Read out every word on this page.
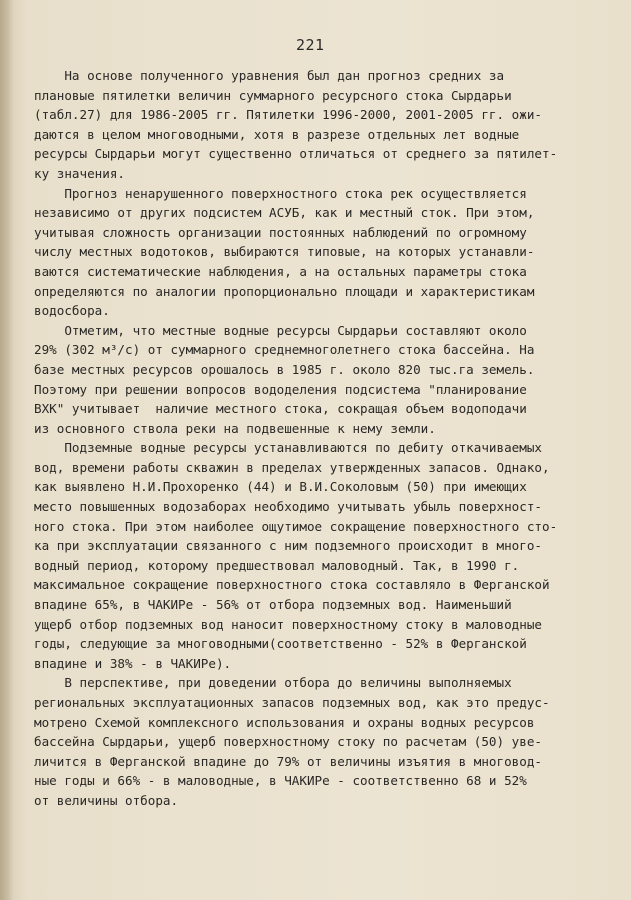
221
На основе полученного уравнения был дан прогноз средних за
плановые пятилетки величин суммарного ресурсного стока Сырдарьи
(табл.27) для 1986-2005 гг. Пятилетки 1996-2000, 2001-2005 гг. ожи-
даются в целом многоводными, хотя в разрезе отдельных лет водные
ресурсы Сырдарьи могут существенно отличаться от среднего за пятилет-
ку значения.
Прогноз ненарушенного поверхностного стока рек осуществляется
независимо от других подсистем АСУБ, как и местный сток. При этом,
учитывая сложность организации постоянных наблюдений по огромному
числу местных водотоков, выбираются типовые, на которых устанавли-
ваются систематические наблюдения, а на остальных параметры стока
определяются по аналогии пропорционально площади и характеристикам
водосбора.
Отметим, что местные водные ресурсы Сырдарьи составляют около
29% (302 м³/с) от суммарного среднемноголетнего стока бассейна. На
базе местных ресурсов орошалось в 1985 г. около 820 тыс.га земель.
Поэтому при решении вопросов вододеления подсистема "планирование
ВХК" учитывает  наличие местного стока, сокращая объем водоподачи
из основного ствола реки на подвешенные к нему земли.
Подземные водные ресурсы устанавливаются по дебиту откачиваемых
вод, времени работы скважин в пределах утвержденных запасов. Однако,
как выявлено Н.И.Прохоренко (44) и В.И.Соколовым (50) при имеющих
место повышенных водозаборах необходимо учитывать убыль поверхност-
ного стока. При этом наиболее ощутимое сокращение поверхностного сто-
ка при эксплуатации связанного с ним подземного происходит в много-
водный период, которому предшествовал маловодный. Так, в 1990 г.
максимальное сокращение поверхностного стока составляло в Ферганской
впадине 65%, в ЧАКИРе - 56% от отбора подземных вод. Наименьший
ущерб отбор подземных вод наносит поверхностному стоку в маловодные
годы, следующие за многоводными(соответственно - 52% в Ферганской
впадине и 38% - в ЧАКИРе).
В перспективе, при доведении отбора до величины выполняемых
региональных эксплуатационных запасов подземных вод, как это предус-
мотрено Схемой комплексного использования и охраны водных ресурсов
бассейна Сырдарьи, ущерб поверхностному стоку по расчетам (50) уве-
личится в Ферганской впадине до 79% от величины изъятия в многовод-
ные годы и 66% - в маловодные, в ЧАКИРе - соответственно 68 и 52%
от величины отбора.
